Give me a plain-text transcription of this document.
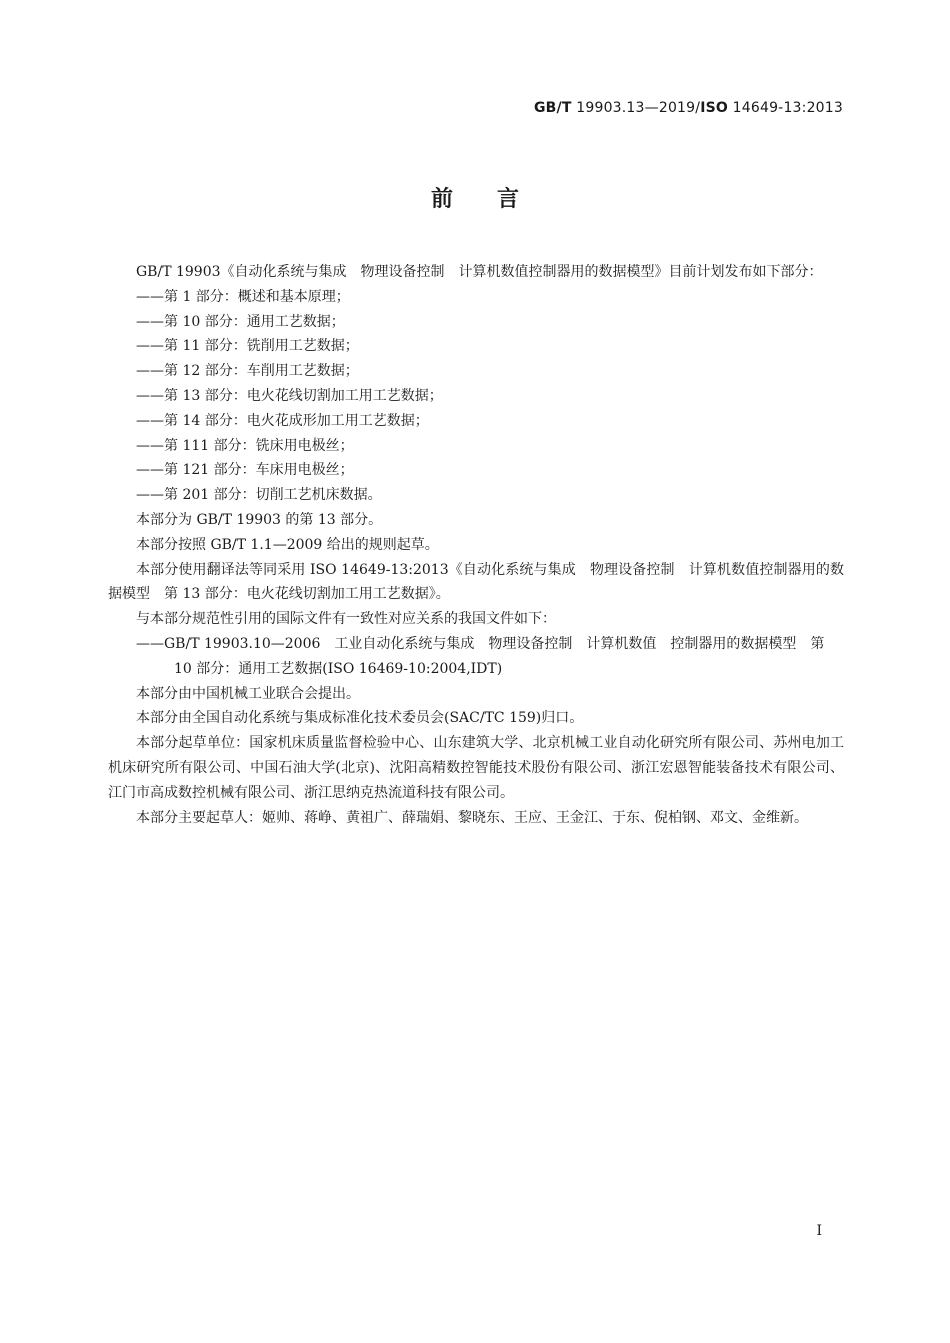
GB/T 19903.13—2019/ISO 14649-13:2013
前言

GB/T 19903《自动化系统与集成　物理设备控制　计算机数值控制器用的数据模型》目前计划发布如下部分：

——第 1 部分：概述和基本原理；

——第 10 部分：通用工艺数据；

——第 11 部分：铣削用工艺数据；

——第 12 部分：车削用工艺数据；

——第 13 部分：电火花线切割加工用工艺数据；

——第 14 部分：电火花成形加工用工艺数据；

——第 111 部分：铣床用电极丝；

——第 121 部分：车床用电极丝；

——第 201 部分：切削工艺机床数据。

本部分为 GB/T 19903 的第 13 部分。

本部分按照 GB/T 1.1—2009 给出的规则起草。

本部分使用翻译法等同采用 ISO 14649-13:2013《自动化系统与集成　物理设备控制　计算机数值控制器用的数据模型　第 13 部分：电火花线切割加工用工艺数据》。

与本部分规范性引用的国际文件有一致性对应关系的我国文件如下：

——GB/T 19903.10—2006　工业自动化系统与集成　物理设备控制　计算机数值　控制器用的数据模型　第 10 部分：通用工艺数据(ISO 16469-10:2004,IDT)

本部分由中国机械工业联合会提出。

本部分由全国自动化系统与集成标准化技术委员会(SAC/TC 159)归口。

本部分起草单位：国家机床质量监督检验中心、山东建筑大学、北京机械工业自动化研究所有限公司、苏州电加工机床研究所有限公司、中国石油大学(北京)、沈阳高精数控智能技术股份有限公司、浙江宏恩智能装备技术有限公司、江门市高成数控机械有限公司、浙江思纳克热流道科技有限公司。

本部分主要起草人：姬帅、蒋峥、黄祖广、薛瑞娟、黎晓东、王应、王金江、于东、倪柏钢、邓文、金维新。

I
